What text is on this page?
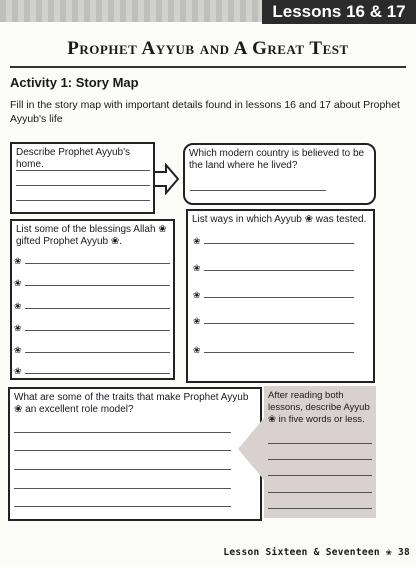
Lessons 16 & 17
Prophet Ayyub and A Great Test
Activity 1: Story Map
Fill in the story map with important details found in lessons 16 and 17 about Prophet Ayyub's life
Describe Prophet Ayyub's home.
Which modern country is believed to be the land where he lived?
List some of the blessings Allah ❀ gifted Prophet Ayyub ❀.
List ways in which Ayyub ❀ was tested.
What are some of the traits that make Prophet Ayyub ❀ an excellent role model?
After reading both lessons, describe Ayyub ❀ in five words or less.
Lesson Sixteen & Seventeen ❀ 38
❀
❀
❀
❀
❀
❀
❀
❀
❀
❀
❀
